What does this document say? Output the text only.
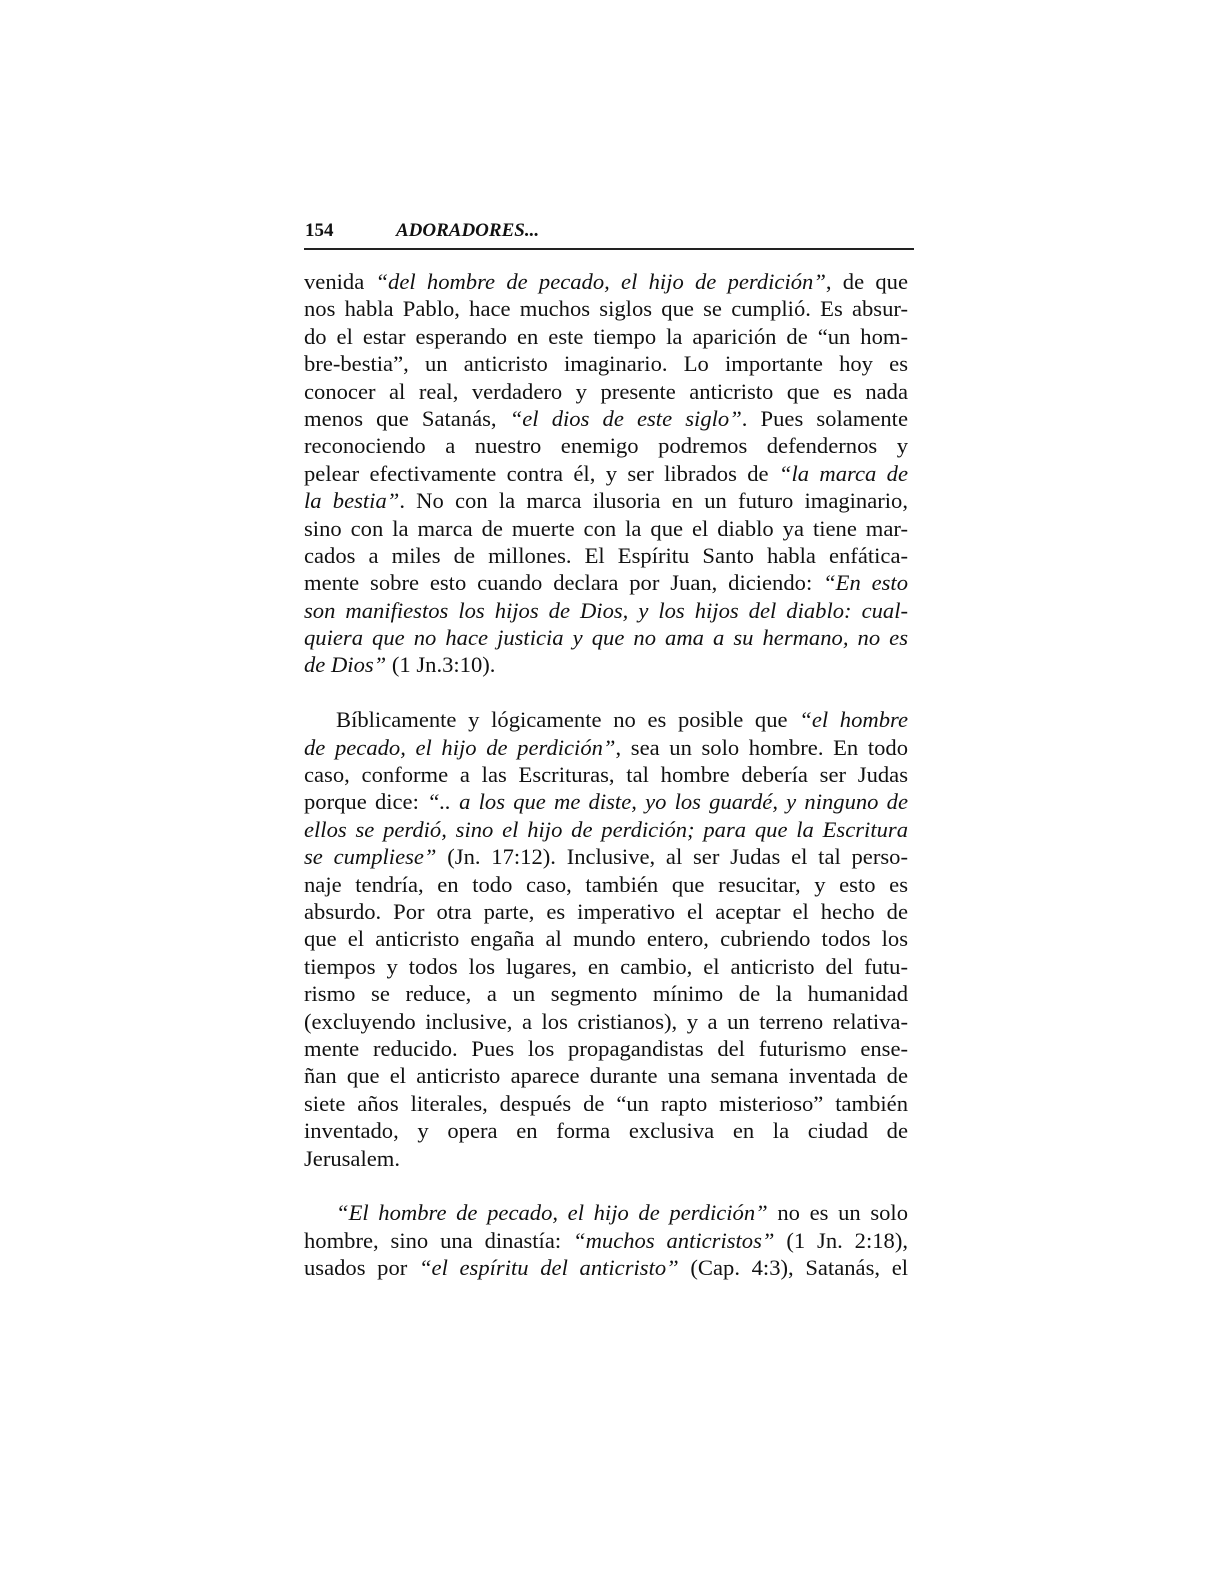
154	ADORADORES...
venida “del hombre de pecado, el hijo de perdición”, de que
nos habla Pablo, hace muchos siglos que se cumplió. Es absur-
do el estar esperando en este tiempo la aparición de “un hom-
bre-bestia”, un anticristo imaginario. Lo importante hoy es
conocer al real, verdadero y presente anticristo que es nada
menos que Satanás, “el dios de este siglo”. Pues solamente
reconociendo a nuestro enemigo podremos defendernos y
pelear efectivamente contra él, y ser librados de “la marca de
la bestia”. No con la marca ilusoria en un futuro imaginario,
sino con la marca de muerte con la que el diablo ya tiene mar-
cados a miles de millones. El Espíritu Santo habla enfática-
mente sobre esto cuando declara por Juan, diciendo: “En esto
son manifiestos los hijos de Dios, y los hijos del diablo: cual-
quiera que no hace justicia y que no ama a su hermano, no es
de Dios” (1 Jn.3:10).
Bíblicamente y lógicamente no es posible que “el hombre
de pecado, el hijo de perdición”, sea un solo hombre. En todo
caso, conforme a las Escrituras, tal hombre debería ser Judas
porque dice: “.. a los que me diste, yo los guardé, y ninguno de
ellos se perdió, sino el hijo de perdición; para que la Escritura
se cumpliese” (Jn. 17:12). Inclusive, al ser Judas el tal perso-
naje tendría, en todo caso, también que resucitar, y esto es
absurdo. Por otra parte, es imperativo el aceptar el hecho de
que el anticristo engaña al mundo entero, cubriendo todos los
tiempos y todos los lugares, en cambio, el anticristo del futu-
rismo se reduce, a un segmento mínimo de la humanidad
(excluyendo inclusive, a los cristianos), y a un terreno relativa-
mente reducido. Pues los propagandistas del futurismo ense-
ñan que el anticristo aparece durante una semana inventada de
siete años literales, después de “un rapto misterioso” también
inventado, y opera en forma exclusiva en la ciudad de
Jerusalem.
“El hombre de pecado, el hijo de perdición” no es un solo
hombre, sino una dinastía: “muchos anticristos” (1 Jn. 2:18),
usados por “el espíritu del anticristo” (Cap. 4:3), Satanás, el
